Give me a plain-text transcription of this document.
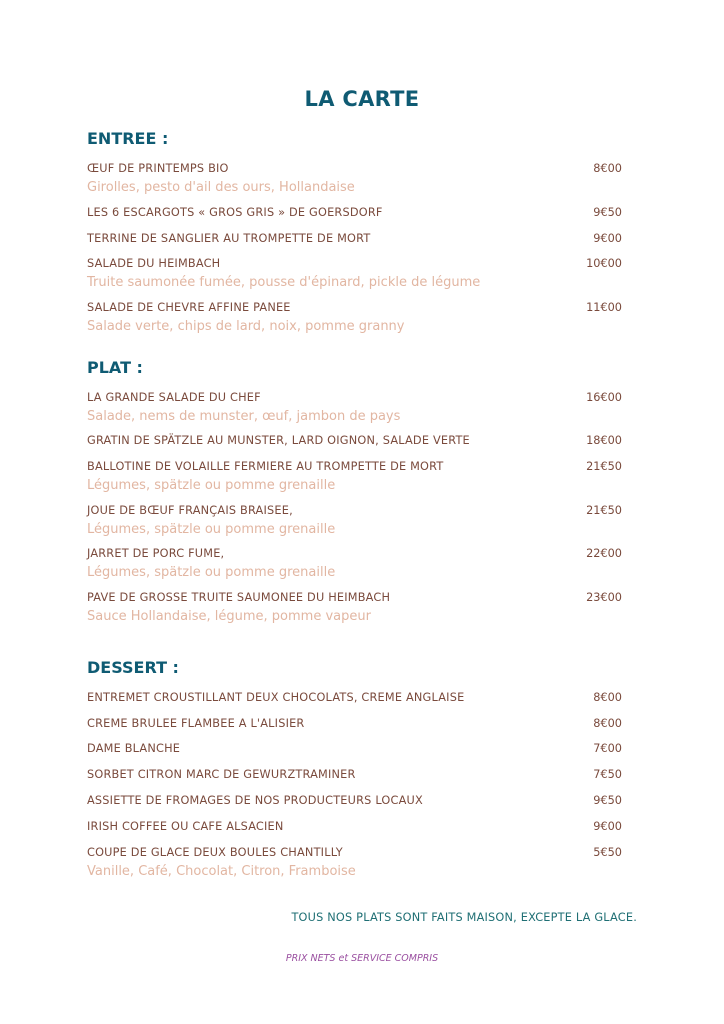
LA CARTE
ENTREE :
ŒUF DE PRINTEMPS BIO	8€00
Girolles, pesto d'ail des ours, Hollandaise
LES 6 ESCARGOTS « GROS GRIS » DE GOERSDORF	9€50
TERRINE DE SANGLIER AU TROMPETTE DE MORT	9€00
SALADE DU HEIMBACH	10€00
Truite saumonée fumée, pousse d'épinard, pickle de légume
SALADE DE CHEVRE AFFINE PANEE	11€00
Salade verte, chips de lard, noix, pomme granny
PLAT :
LA GRANDE SALADE DU CHEF	16€00
Salade, nems de munster, œuf, jambon de pays
GRATIN DE SPÄTZLE AU MUNSTER, LARD OIGNON, SALADE VERTE	18€00
BALLOTINE DE VOLAILLE FERMIERE AU TROMPETTE DE MORT	21€50
Légumes, spätzle ou pomme grenaille
JOUE DE BŒUF FRANÇAIS BRAISEE,	21€50
Légumes, spätzle ou pomme grenaille
JARRET DE PORC FUME,	22€00
Légumes, spätzle ou pomme grenaille
PAVE DE GROSSE TRUITE SAUMONEE DU HEIMBACH	23€00
Sauce Hollandaise, légume, pomme vapeur
DESSERT :
ENTREMET CROUSTILLANT DEUX CHOCOLATS, CREME ANGLAISE	8€00
CREME BRULEE FLAMBEE A L'ALISIER	8€00
DAME BLANCHE	7€00
SORBET CITRON MARC DE GEWURZTRAMINER	7€50
ASSIETTE DE FROMAGES DE NOS PRODUCTEURS LOCAUX	9€50
IRISH COFFEE OU CAFE ALSACIEN	9€00
COUPE DE GLACE DEUX BOULES CHANTILLY	5€50
Vanille, Café, Chocolat, Citron, Framboise
TOUS NOS PLATS SONT FAITS MAISON, EXCEPTE LA GLACE.
PRIX NETS et SERVICE COMPRIS
